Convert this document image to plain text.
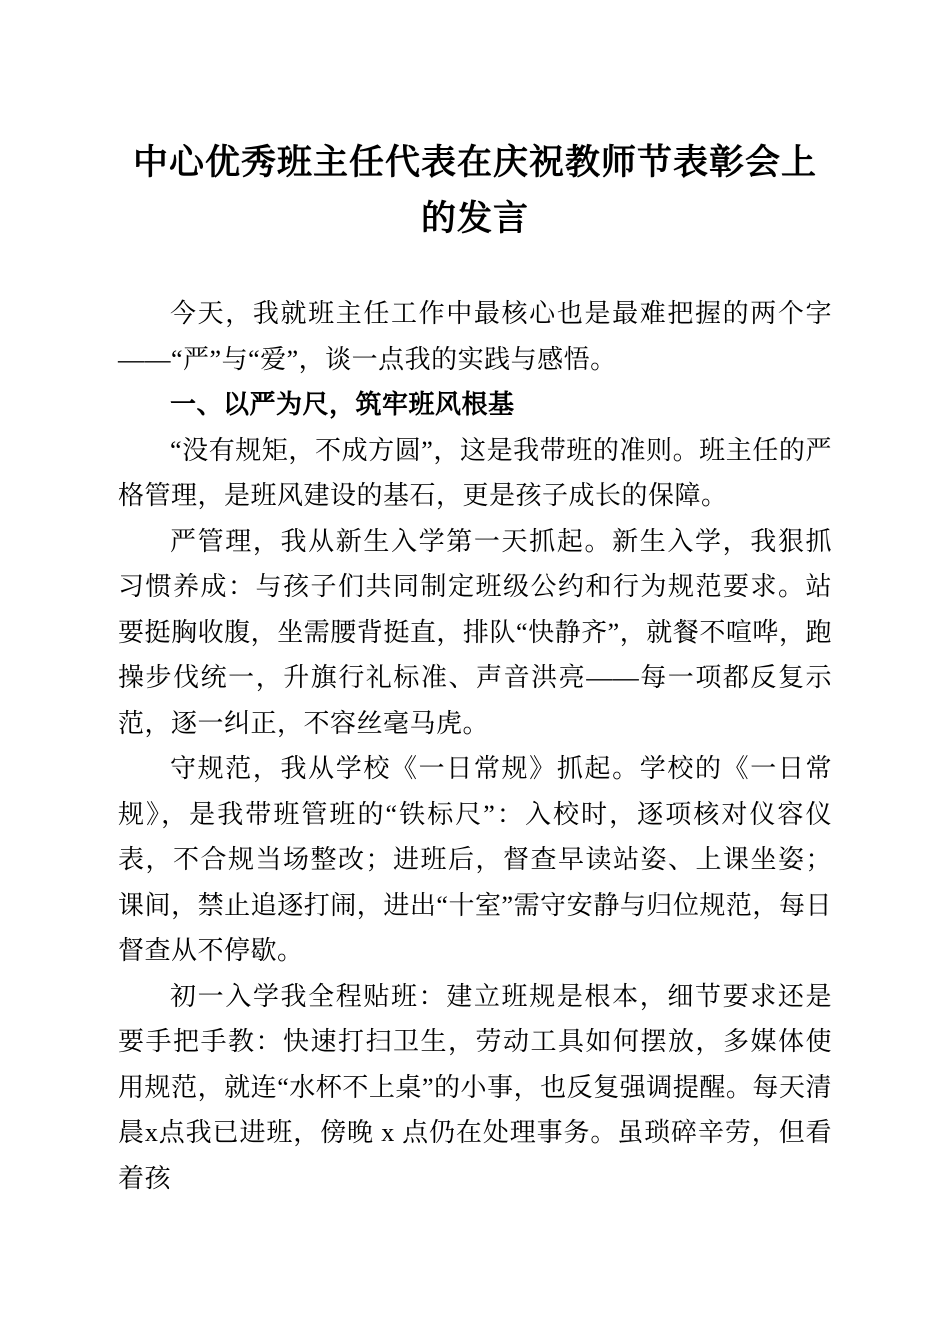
中心优秀班主任代表在庆祝教师节表彰会上的发言

今天，我就班主任工作中最核心也是最难把握的两个字——“严”与“爱”，谈一点我的实践与感悟。

一、以严为尺，筑牢班风根基

“没有规矩，不成方圆”，这是我带班的准则。班主任的严格管理，是班风建设的基石，更是孩子成长的保障。

严管理，我从新生入学第一天抓起。新生入学，我狠抓习惯养成：与孩子们共同制定班级公约和行为规范要求。站要挺胸收腹，坐需腰背挺直，排队“快静齐”，就餐不喧哗，跑操步伐统一，升旗行礼标准、声音洪亮——每一项都反复示范，逐一纠正，不容丝毫马虎。

守规范，我从学校《一日常规》抓起。学校的《一日常规》，是我带班管班的“铁标尺”：入校时，逐项核对仪容仪表，不合规当场整改；进班后，督查早读站姿、上课坐姿；课间，禁止追逐打闹，进出“十室”需守安静与归位规范，每日督查从不停歇。

初一入学我全程贴班：建立班规是根本，细节要求还是要手把手教：快速打扫卫生，劳动工具如何摆放，多媒体使用规范，就连“水杯不上桌”的小事，也反复强调提醒。每天清晨x点我已进班，傍晚 x 点仍在处理事务。虽琐碎辛劳，但看着孩
